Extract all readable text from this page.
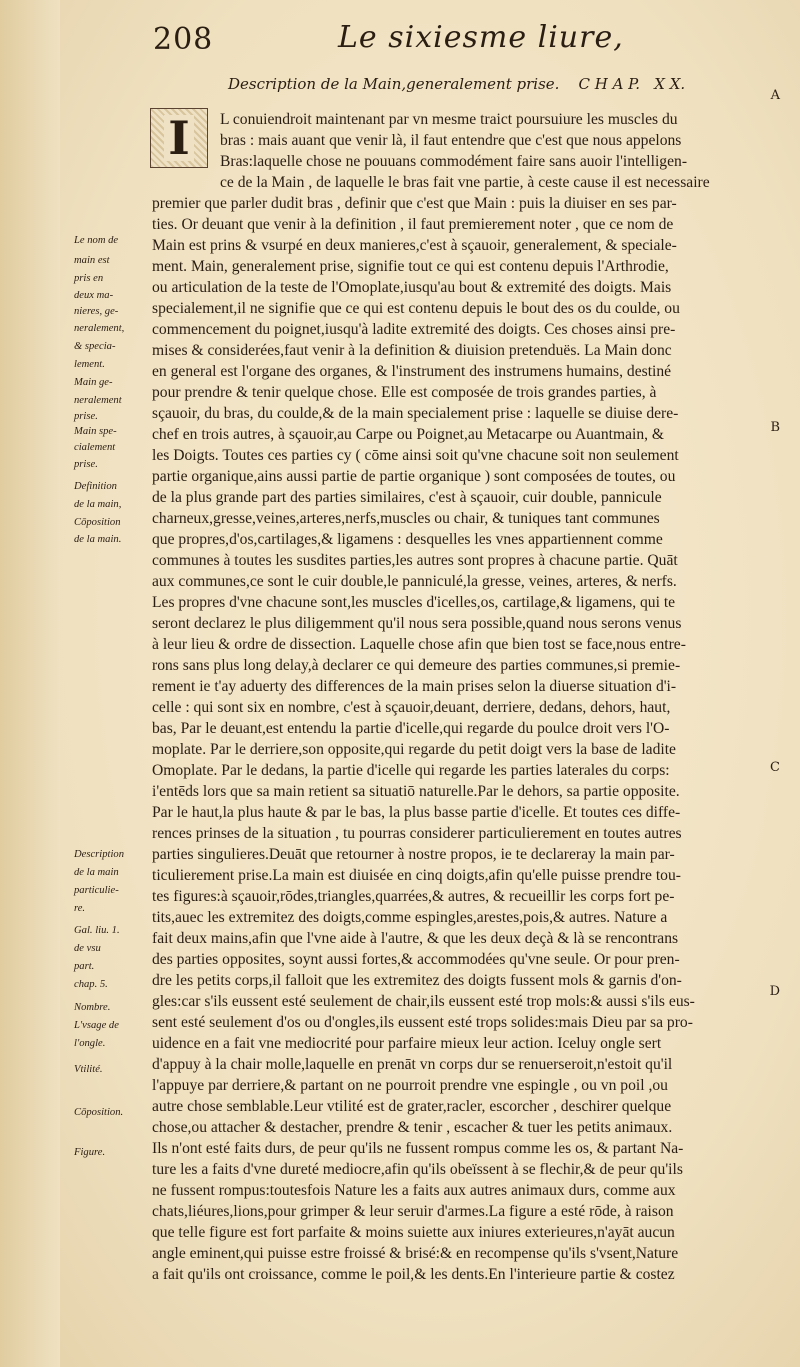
208	Le sixiesme liure,
Description de la Main,generalement prise.    C H A P.   X X.
A
B
C
D
I L conuiendroit maintenant par vn mesme traict poursuiure les muscles du
bras : mais auant que venir là, il faut entendre que c'est que nous appelons
Bras:laquelle chose ne pouuans commodément faire sans auoir l'intelligen-
ce de la Main , de laquelle le bras fait vne partie, à ceste cause il est necessaire
premier que parler dudit bras , definir que c'est que Main : puis la diuiser en ses par-
ties. Or deuant que venir à la definition , il faut premierement noter , que ce nom de
Main est prins & vsurpé en deux manieres,c'est à sçauoir, generalement, & speciale-
ment. Main, generalement prise, signifie tout ce qui est contenu depuis l'Arthrodie,
ou articulation de la teste de l'Omoplate,iusqu'au bout & extremité des doigts. Mais
specialement,il ne signifie que ce qui est contenu depuis le bout des os du coulde, ou
commencement du poignet,iusqu'à ladite extremité des doigts. Ces choses ainsi pre-
mises & considerées,faut venir à la definition & diuision pretenduës. La Main donc
en general est l'organe des organes, & l'instrument des instrumens humains, destiné
pour prendre & tenir quelque chose. Elle est composée de trois grandes parties, à
sçauoir, du bras, du coulde,& de la main specialement prise : laquelle se diuise dere-
chef en trois autres, à sçauoir,au Carpe ou Poignet,au Metacarpe ou Auantmain, &
les Doigts. Toutes ces parties cy ( cōme ainsi soit qu'vne chacune soit non seulement
partie organique,ains aussi partie de partie organique ) sont composées de toutes, ou
de la plus grande part des parties similaires, c'est à sçauoir, cuir double, pannicule
charneux,gresse,veines,arteres,nerfs,muscles ou chair, & tuniques tant communes
que propres,d'os,cartilages,& ligamens : desquelles les vnes appartiennent comme
communes à toutes les susdites parties,les autres sont propres à chacune partie. Quāt
aux communes,ce sont le cuir double,le panniculé,la gresse, veines, arteres, & nerfs.
Les propres d'vne chacune sont,les muscles d'icelles,os, cartilage,& ligamens, qui te
seront declarez le plus diligemment qu'il nous sera possible,quand nous serons venus
à leur lieu & ordre de dissection. Laquelle chose afin que bien tost se face,nous entre-
rons sans plus long delay,à declarer ce qui demeure des parties communes,si premie-
rement ie t'ay aduerty des differences de la main prises selon la diuerse situation d'i-
celle : qui sont six en nombre, c'est à sçauoir,deuant, derriere, dedans, dehors, haut,
bas, Par le deuant,est entendu la partie d'icelle,qui regarde du poulce droit vers l'O-
moplate. Par le derriere,son opposite,qui regarde du petit doigt vers la base de ladite
Omoplate. Par le dedans, la partie d'icelle qui regarde les parties laterales du corps:
i'entēds lors que sa main retient sa situatiō naturelle.Par le dehors, sa partie opposite.
Par le haut,la plus haute & par le bas, la plus basse partie d'icelle. Et toutes ces diffe-
rences prinses de la situation , tu pourras considerer particulierement en toutes autres
parties singulieres.Deuāt que retourner à nostre propos, ie te declareray la main par-
ticulierement prise.La main est diuisée en cinq doigts,afin qu'elle puisse prendre tou-
tes figures:à sçauoir,rōdes,triangles,quarrées,& autres, & recueillir les corps fort pe-
tits,auec les extremitez des doigts,comme espingles,arestes,pois,& autres. Nature a
fait deux mains,afin que l'vne aide à l'autre, & que les deux deçà & là se rencontrans
des parties opposites, soynt aussi fortes,& accommodées qu'vne seule. Or pour pren-
dre les petits corps,il falloit que les extremitez des doigts fussent mols & garnis d'on-
gles:car s'ils eussent esté seulement de chair,ils eussent esté trop mols:& aussi s'ils eus-
sent esté seulement d'os ou d'ongles,ils eussent esté trops solides:mais Dieu par sa pro-
uidence en a fait vne mediocrité pour parfaire mieux leur action. Iceluy ongle sert
d'appuy à la chair molle,laquelle en prenāt vn corps dur se renuerseroit,n'estoit qu'il
l'appuye par derriere,& partant on ne pourroit prendre vne espingle , ou vn poil ,ou
autre chose semblable.Leur vtilité est de grater,racler, escorcher , deschirer quelque
chose,ou attacher & destacher, prendre & tenir , escacher & tuer les petits animaux.
Ils n'ont esté faits durs, de peur qu'ils ne fussent rompus comme les os, & partant Na-
ture les a faits d'vne dureté mediocre,afin qu'ils obeïssent à se flechir,& de peur qu'ils
ne fussent rompus:toutesfois Nature les a faits aux autres animaux durs, comme aux
chats,liéures,lions,pour grimper & leur seruir d'armes.La figure a esté rōde, à raison
que telle figure est fort parfaite & moins suiette aux iniures exterieures,n'ayāt aucun
angle eminent,qui puisse estre froissé & brisé:& en recompense qu'ils s'vsent,Nature
a fait qu'ils ont croissance, comme le poil,& les dents.En l'interieure partie & costez
Le nom de
main est
pris en
deux ma-
nieres, ge-
neralement,
& specia-
lement.
Main ge-
neralement
prise.
Main spe-
cialement
prise.
Definition
de la main,
Cōposition
de la main.
Description
de la main
particulie-
re.
Gal. liu. 1.
de vsu
part.
chap. 5.
Nombre.
L'vsage de
l'ongle.
Vtilité.
Cōposition.
Figure.
